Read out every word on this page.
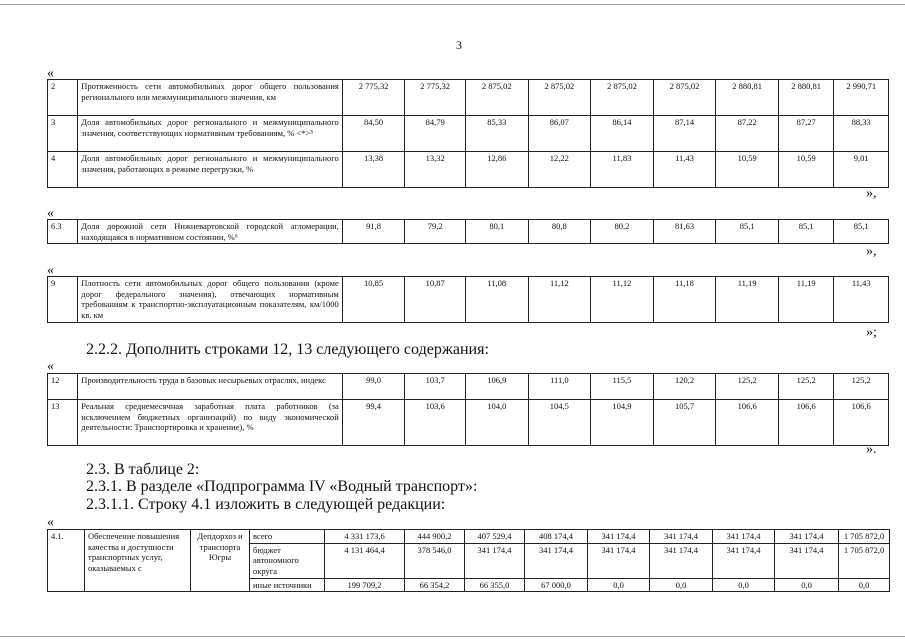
3
«
2	Протяженность сети автомобильных дорог общего пользования регионального или межмуниципального значения, км	2 775,32	2 775,32	2 875,02	2 875,02	2 875,02	2 875,02	2 880,81	2 880,81	2 990,71
3	Доля автомобильных дорог регионального и межмуниципального значения, соответствующих нормативным требованиям, % <*>³	84,50	84,79	85,33	86,07	86,14	87,14	87,22	87,27	88,33
4	Доля автомобильных дорог регионального и межмуниципального значения, работающих в режиме перегрузки, %	13,38	13,32	12,86	12,22	11,83	11,43	10,59	10,59	9,01
»,
«
6.3	Доля дорожной сети Нижневартовской городской агломерации, находящаяся в нормативном состоянии, %⁶	91,8	79,2	80,1	80,8	80,2	81,63	85,1	85,1	85,1
»,
«
9	Плотность сети автомобильных дорог общего пользования (кроме дорог федерального значения), отвечающих нормативным требованиям к транспортно-эксплуатационным показателям, км/1000 кв. км	10,85	10,87	11,08	11,12	11,12	11,18	11,19	11,19	11,43
»;
2.2.2. Дополнить строками 12, 13 следующего содержания:
«
12	Производительность труда в базовых несырьевых отраслях, индекс	99,0	103,7	106,9	111,0	115,5	120,2	125,2	125,2	125,2
13	Реальная среднемесячная заработная плата работников (за исключением бюджетных организаций) по виду экономической деятельности: Транспортировка и хранение), %	99,4	103,6	104,0	104,5	104,9	105,7	106,6	106,6	106,6
».
2.3. В таблице 2:
2.3.1. В разделе «Подпрограмма IV «Водный транспорт»:
2.3.1.1. Строку 4.1 изложить в следующей редакции:
«
4.1.	Обеспечение повышения качества и доступности транспортных услуг, оказываемых с	Депдорхоз и транспорта Югры	всего	4 331 173,6	444 900,2	407 529,4	408 174,4	341 174,4	341 174,4	341 174,4	341 174,4	1 705 872,0
			бюджет автономного округа	4 131 464,4	378 546,0	341 174,4	341 174,4	341 174,4	341 174,4	341 174,4	341 174,4	1 705 872,0
			иные источники	199 709,2	66 354,2	66 355,0	67 000,0	0,0	0,0	0,0	0,0	0,0
